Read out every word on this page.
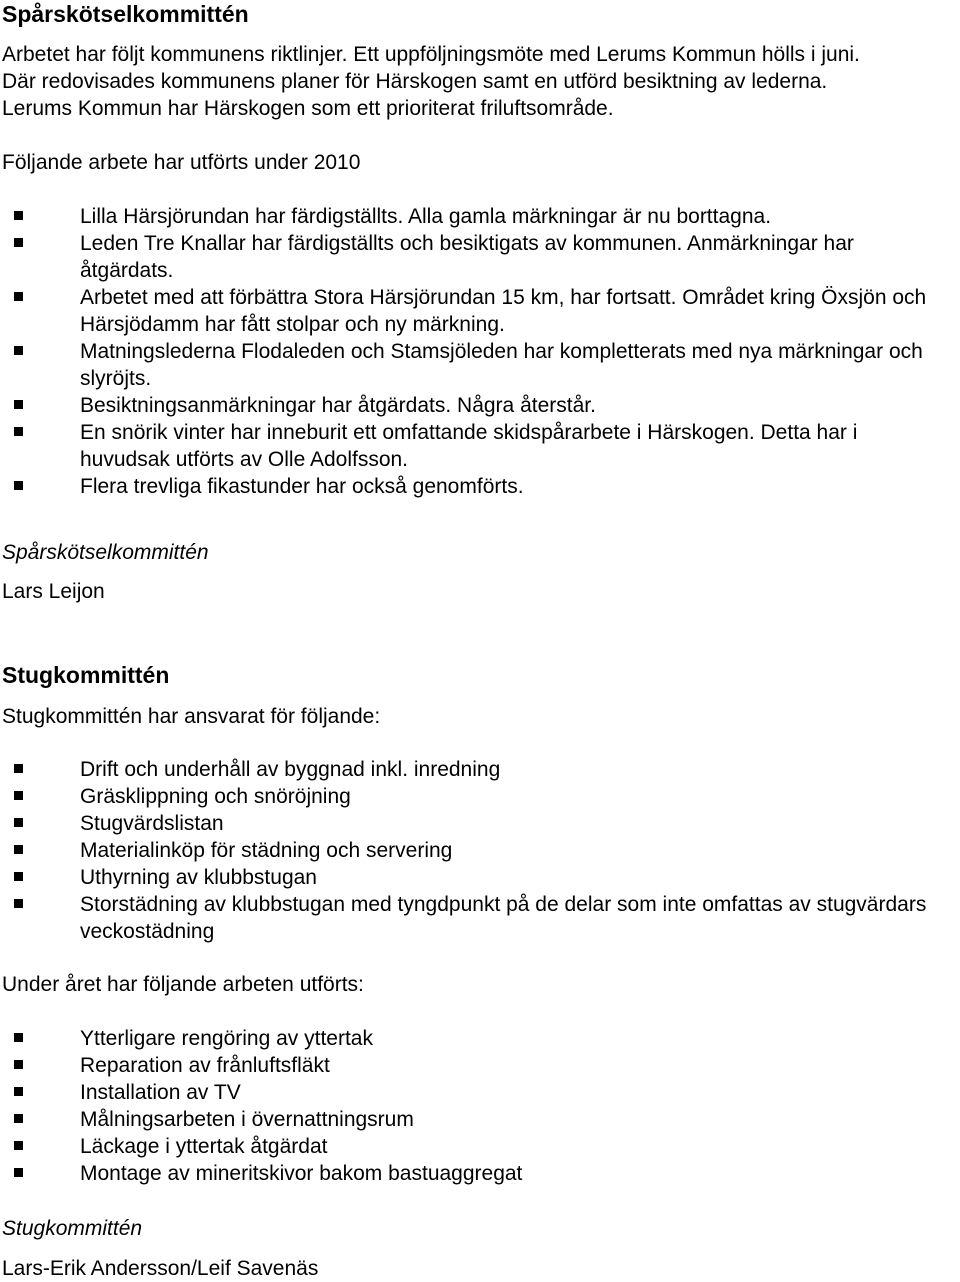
Spårskötselkommittén

Arbetet har följt kommunens riktlinjer. Ett uppföljningsmöte med Lerums Kommun hölls i juni.

Där redovisades kommunens planer för Härskogen samt en utförd besiktning av lederna.

Lerums Kommun har Härskogen som ett prioriterat friluftsområde.

Följande arbete har utförts under 2010

Lilla Härsjörundan har färdigställts. Alla gamla märkningar är nu borttagna.
Leden Tre Knallar har färdigställts och besiktigats av kommunen. Anmärkningar har åtgärdats.
Arbetet med att förbättra Stora Härsjörundan 15 km, har fortsatt. Området kring Öxsjön och Härsjödamm har fått stolpar och ny märkning.
Matningslederna Flodaleden och Stamsjöleden har kompletterats med nya märkningar och slyröjts.
Besiktningsanmärkningar har åtgärdats. Några återstår.
En snörik vinter har inneburit ett omfattande skidspårarbete i Härskogen. Detta har i huvudsak utförts av Olle Adolfsson.
Flera trevliga fikastunder har också genomförts.

Spårskötselkommittén

Lars Leijon

Stugkommittén

Stugkommittén har ansvarat för följande:

Drift och underhåll av byggnad inkl. inredning
Gräsklippning och snöröjning
Stugvärdslistan
Materialinköp för städning och servering
Uthyrning av klubbstugan
Storstädning av klubbstugan med tyngdpunkt på de delar som inte omfattas av stugvärdars veckostädning

Under året har följande arbeten utförts:

Ytterligare rengöring av yttertak
Reparation av frånluftsfläkt
Installation av TV
Målningsarbeten i övernattningsrum
Läckage i yttertak åtgärdat
Montage av mineritskivor bakom bastuaggregat

Stugkommittén

Lars-Erik Andersson/Leif Savenäs
